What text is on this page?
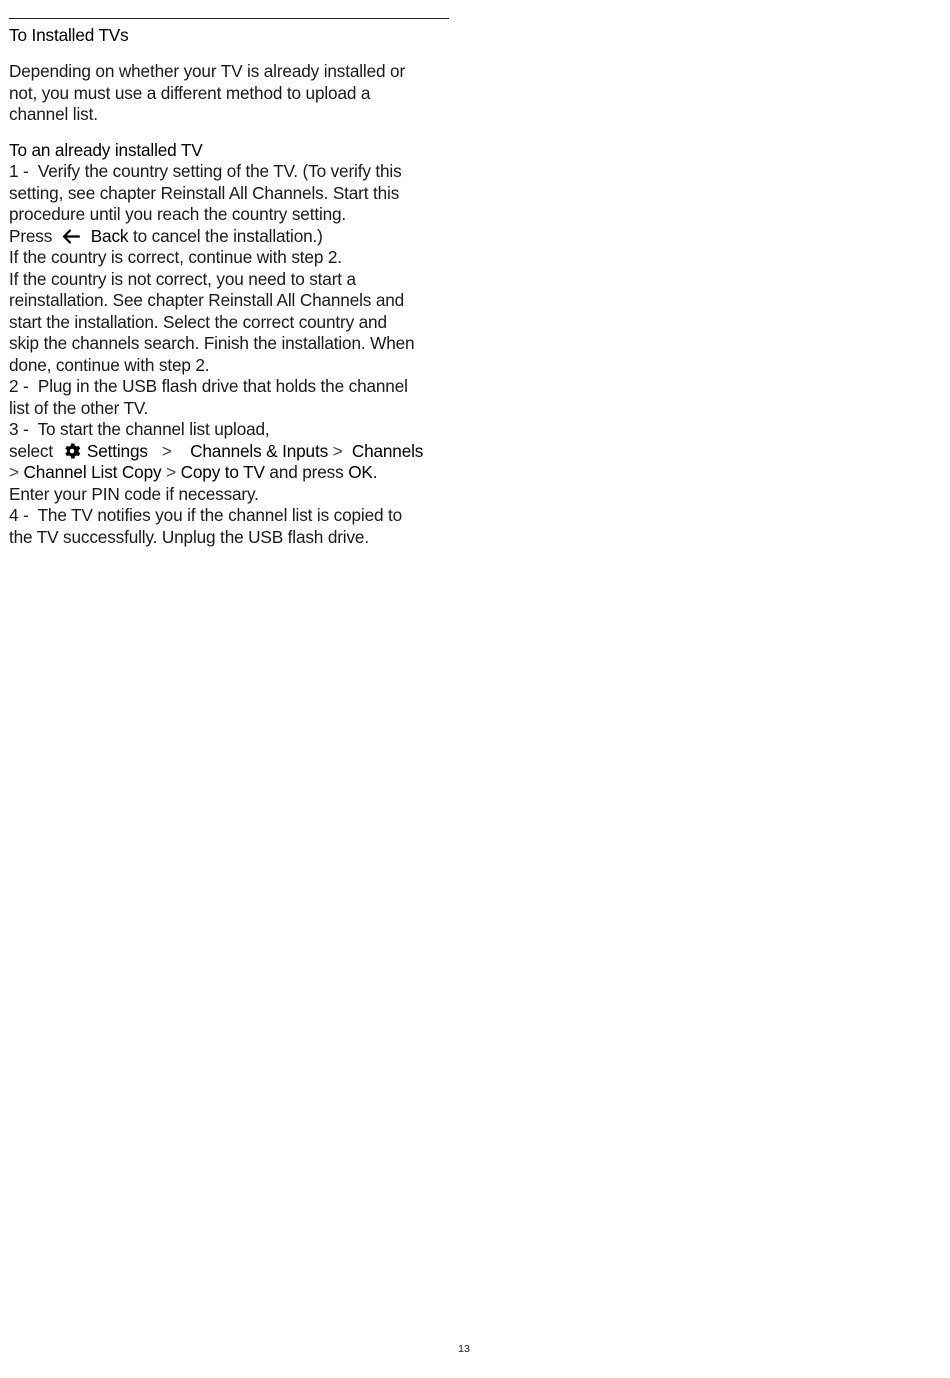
To Installed TVs
Depending on whether your TV is already installed or
not, you must use a different method to upload a
channel list.
To an already installed TV
1 - Verify the country setting of the TV. (To verify this
setting, see chapter Reinstall All Channels. Start this
procedure until you reach the country setting.
Press Back to cancel the installation.)
If the country is correct, continue with step 2.
If the country is not correct, you need to start a
reinstallation. See chapter Reinstall All Channels and
start the installation. Select the correct country and
skip the channels search. Finish the installation. When
done, continue with step 2.
2 - Plug in the USB flash drive that holds the channel
list of the other TV.
3 - To start the channel list upload,
select Settings > Channels & Inputs > Channels
> Channel List Copy > Copy to TV and press OK.
Enter your PIN code if necessary.
4 - The TV notifies you if the channel list is copied to
the TV successfully. Unplug the USB flash drive.
13
